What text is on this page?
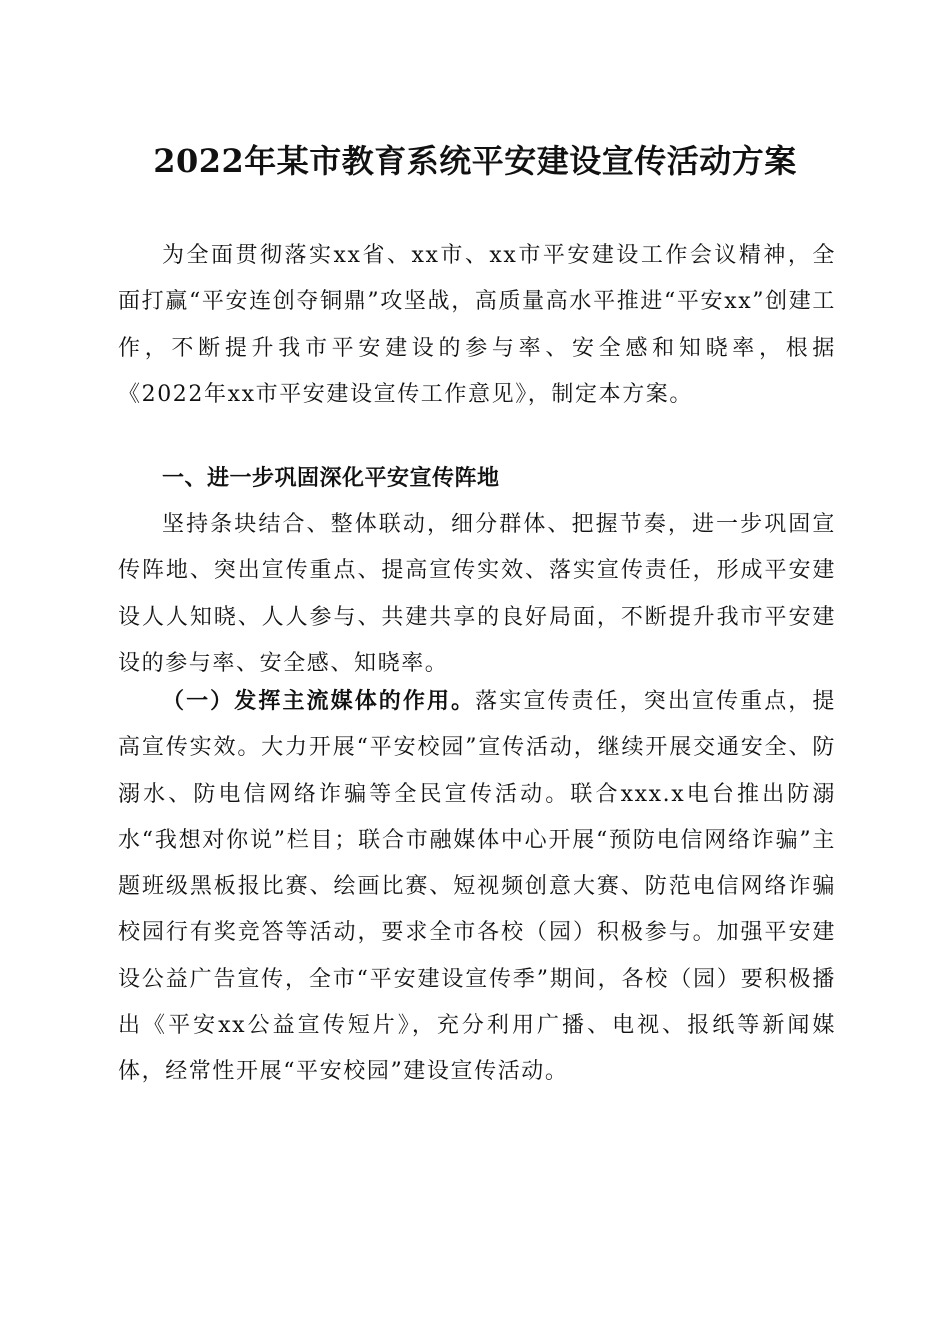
2022年某市教育系统平安建设宣传活动方案

为全面贯彻落实xx省、xx市、xx市平安建设工作会议精神，全面打赢“平安连创夺铜鼎”攻坚战，高质量高水平推进“平安xx”创建工作，不断提升我市平安建设的参与率、安全感和知晓率，根据《2022年xx市平安建设宣传工作意见》，制定本方案。

一、进一步巩固深化平安宣传阵地

坚持条块结合、整体联动，细分群体、把握节奏，进一步巩固宣传阵地、突出宣传重点、提高宣传实效、落实宣传责任，形成平安建设人人知晓、人人参与、共建共享的良好局面，不断提升我市平安建设的参与率、安全感、知晓率。

（一）发挥主流媒体的作用。落实宣传责任，突出宣传重点，提高宣传实效。大力开展“平安校园”宣传活动，继续开展交通安全、防溺水、防电信网络诈骗等全民宣传活动。联合xxx.x电台推出防溺水“我想对你说”栏目；联合市融媒体中心开展“预防电信网络诈骗”主题班级黑板报比赛、绘画比赛、短视频创意大赛、防范电信网络诈骗校园行有奖竞答等活动，要求全市各校（园）积极参与。加强平安建设公益广告宣传，全市“平安建设宣传季”期间，各校（园）要积极播出《平安xx公益宣传短片》，充分利用广播、电视、报纸等新闻媒体，经常性开展“平安校园”建设宣传活动。
